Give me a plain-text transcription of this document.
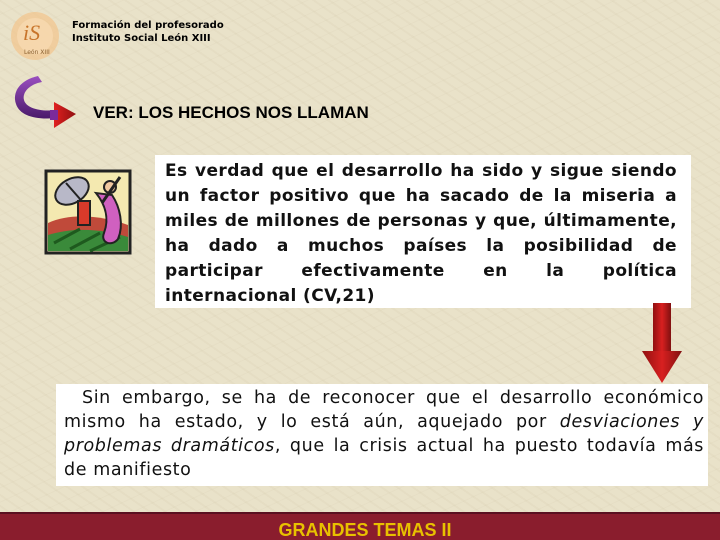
iS
León XIII
Formación del profesorado
Instituto Social León XIII
VER: LOS HECHOS NOS LLAMAN
Es verdad que el desarrollo ha sido y sigue siendo un factor positivo que ha sacado de la miseria a miles de millones de personas y que, últimamente, ha dado a muchos países la posibilidad de participar efectivamente en la política internacional (CV,21)
Sin embargo, se ha de reconocer que el desarrollo económico mismo ha estado, y lo está aún, aquejado por desviaciones y problemas dramáticos, que la crisis actual ha puesto todavía más de manifiesto
GRANDES TEMAS II
